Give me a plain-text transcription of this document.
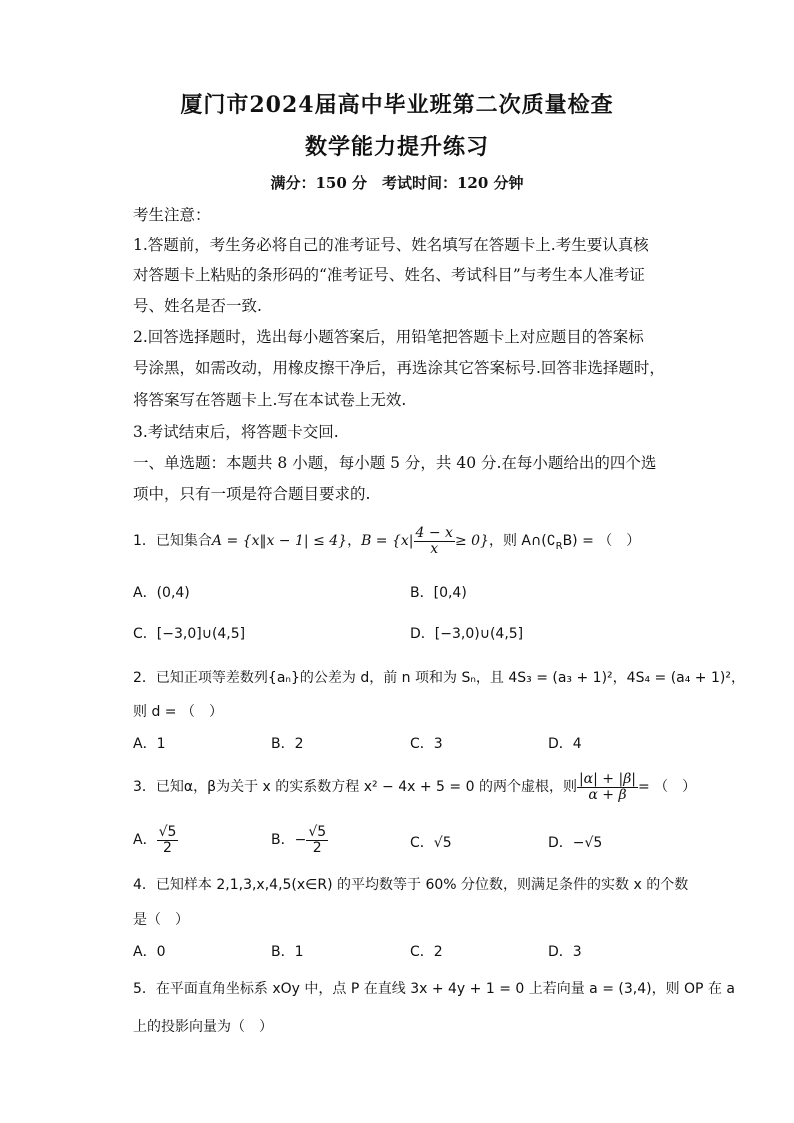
厦门市2024届高中毕业班第二次质量检查
数学能力提升练习
满分：150 分　考试时间：120 分钟
考生注意：
1.答题前，考生务必将自己的准考证号、姓名填写在答题卡上.考生要认真核
对答题卡上粘贴的条形码的“准考证号、姓名、考试科目”与考生本人准考证
号、姓名是否一致.
2.回答选择题时，选出每小题答案后，用铅笔把答题卡上对应题目的答案标
号涂黑，如需改动，用橡皮擦干净后，再选涂其它答案标号.回答非选择题时，
将答案写在答题卡上.写在本试卷上无效.
3.考试结束后，将答题卡交回.
一、单选题：本题共 8 小题，每小题 5 分，共 40 分.在每小题给出的四个选
项中，只有一项是符合题目要求的.
1．已知集合A = {x‖x − 1| ≤ 4}，$B = \{x| \frac{4 - x}{x} \ge 0\}$，则 $A\cap(∁_RB)$ = （　）
A．(0,4)	B．[0,4)
C．[−3,0]∪(4,5]	D．[−3,0)∪(4,5]
2．已知正项等差数列{aₙ}的公差为 d，前 n 项和为 Sₙ，且 4S₃ = (a₃ + 1)²，4S₄ = (a₄ + 1)²，
则 d = （　）
A．1	B．2	C．3	D．4
3．已知α，β为关于 x 的实系数方程 x² − 4x + 5 = 0 的两个虚根，则 $\frac{|\alpha| + |\beta|}{\alpha + \beta}$ = （　）
A． $\frac{√5}{2}$	B．− $\frac{√5}{2}$	C．√5	D．−√5
4．已知样本 2,1,3,x,4,5(x∈R) 的平均数等于 60% 分位数，则满足条件的实数 x 的个数
是（　）
A．0	B．1	C．2	D．3
5．在平面直角坐标系 xOy 中，点 P 在直线 3x + 4y + 1 = 0 上若向量 a = (3,4)，则 OP 在 a
上的投影向量为（　）
